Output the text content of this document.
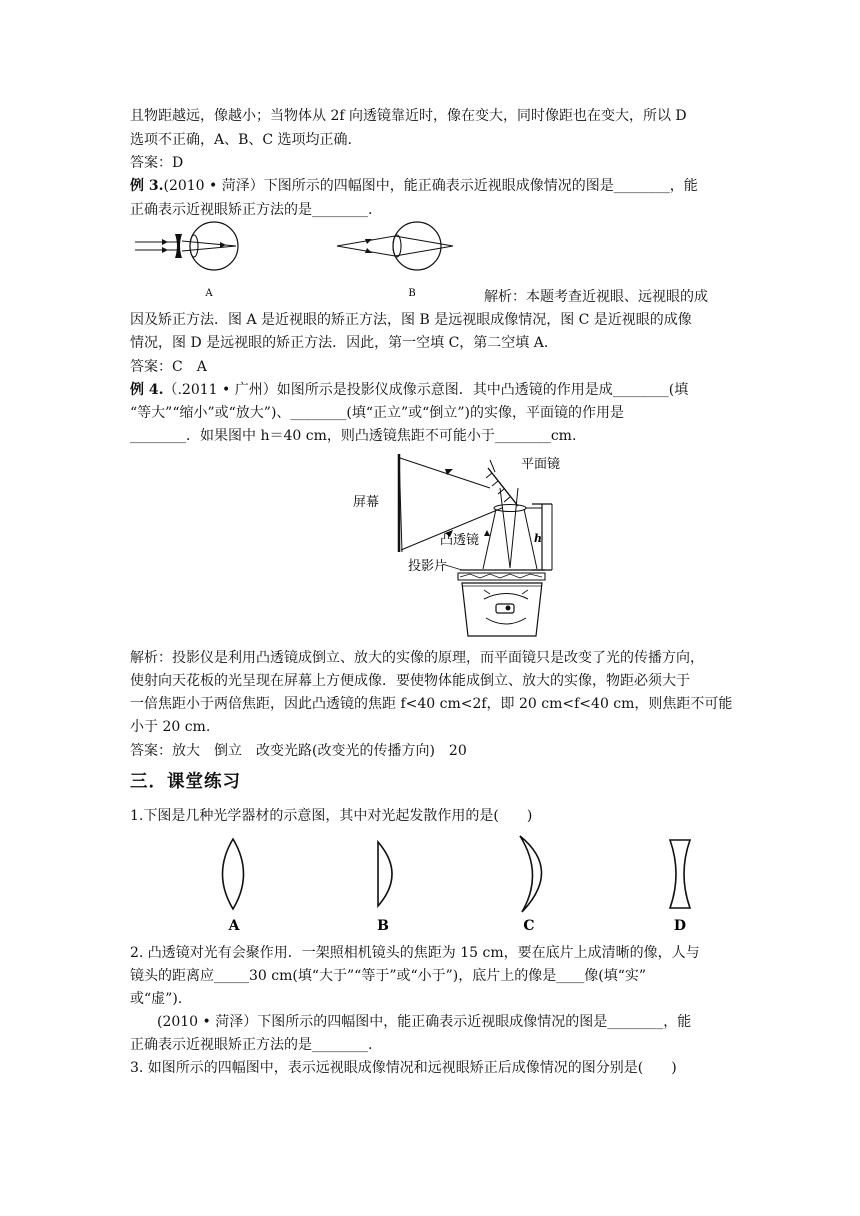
且物距越远，像越小；当物体从 2f 向透镜靠近时，像在变大，同时像距也在变大，所以 D
选项不正确，A、B、C 选项均正确.
答案：D
例 3.(2010 • 菏泽）下图所示的四幅图中，能正确表示近视眼成像情况的图是________，能
正确表示近视眼矫正方法的是________.
A	B	解析：本题考查近视眼、远视眼的成
因及矫正方法．图 A 是近视眼的矫正方法，图 B 是远视眼成像情况，图 C 是近视眼的成像
情况，图 D 是远视眼的矫正方法．因此，第一空填 C，第二空填 A.
答案：C　A
例 4.（.2011 • 广州）如图所示是投影仪成像示意图．其中凸透镜的作用是成________(填
“等大”“缩小”或“放大”)、________(填“正立”或“倒立”)的实像，平面镜的作用是
________．如果图中 h＝40 cm，则凸透镜焦距不可能小于________cm.
h
平面镜
屏幕
凸透镜
投影片
解析：投影仪是利用凸透镜成倒立、放大的实像的原理，而平面镜只是改变了光的传播方向，
使射向天花板的光呈现在屏幕上方便成像．要使物体能成倒立、放大的实像，物距必须大于
一倍焦距小于两倍焦距，因此凸透镜的焦距 f<40 cm<2f，即 20 cm<f<40 cm，则焦距不可能
小于 20 cm.
答案：放大　倒立　改变光路(改变光的传播方向)　20
三．课堂练习
1.下图是几种光学器材的示意图，其中对光起发散作用的是(　　)
A	B	C	D
2. 凸透镜对光有会聚作用．一架照相机镜头的焦距为 15 cm，要在底片上成清晰的像，人与
镜头的距离应_____30 cm(填“大于”“等于”或“小于”)，底片上的像是____像(填“实”
或“虚”).
(2010 • 菏泽）下图所示的四幅图中，能正确表示近视眼成像情况的图是________，能
正确表示近视眼矫正方法的是________.
3. 如图所示的四幅图中，表示远视眼成像情况和远视眼矫正后成像情况的图分别是(　　)
